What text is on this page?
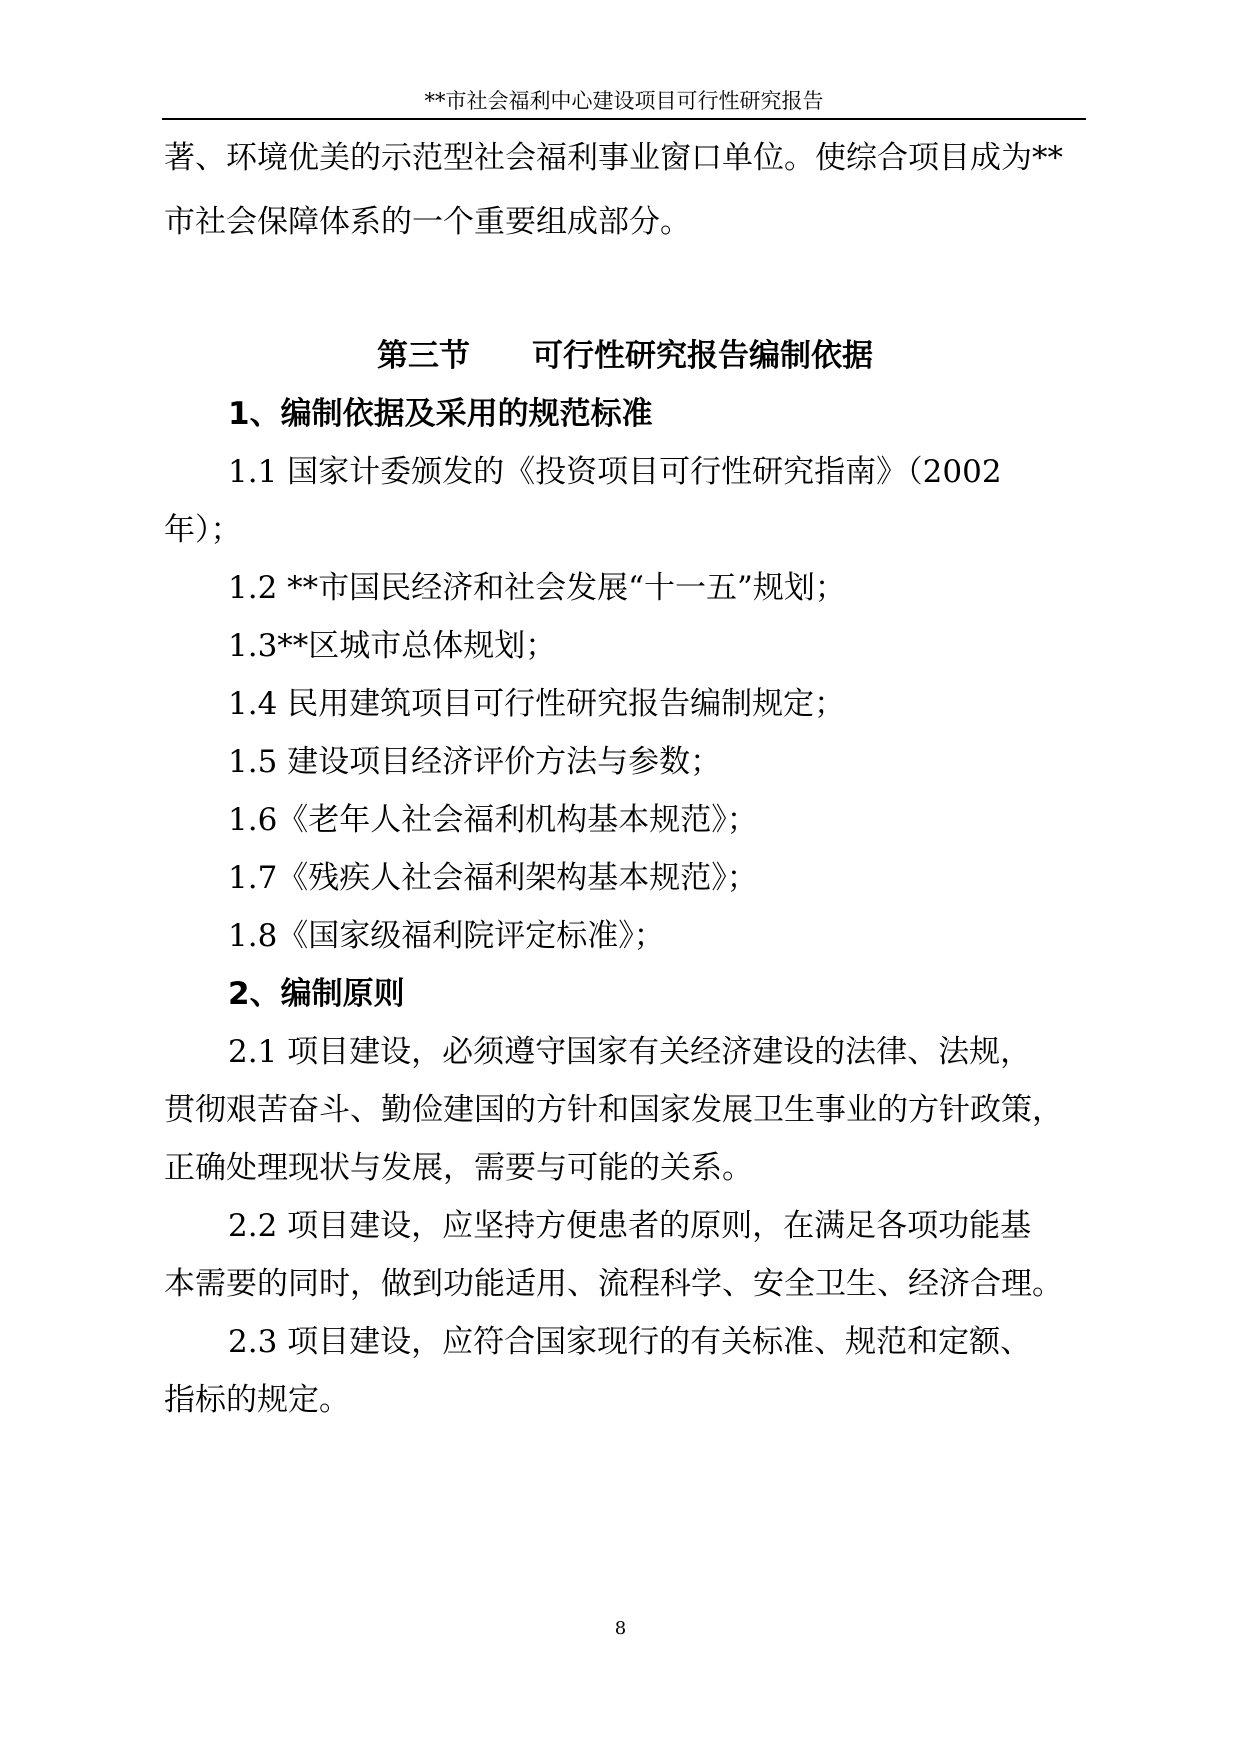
**市社会福利中心建设项目可行性研究报告

著、环境优美的示范型社会福利事业窗口单位。使综合项目成为**

市社会保障体系的一个重要组成部分。

第三节　　可行性研究报告编制依据
1、编制依据及采用的规范标准

1.1 国家计委颁发的《投资项目可行性研究指南》（2002

年）；

1.2 **市国民经济和社会发展“十一五”规划；

1.3**区城市总体规划；

1.4 民用建筑项目可行性研究报告编制规定；

1.5 建设项目经济评价方法与参数；

1.6《老年人社会福利机构基本规范》；

1.7《残疾人社会福利架构基本规范》；

1.8《国家级福利院评定标准》；

2、编制原则

2.1 项目建设，必须遵守国家有关经济建设的法律、法规，

贯彻艰苦奋斗、勤俭建国的方针和国家发展卫生事业的方针政策，

正确处理现状与发展，需要与可能的关系。

2.2 项目建设，应坚持方便患者的原则，在满足各项功能基

本需要的同时，做到功能适用、流程科学、安全卫生、经济合理。

2.3 项目建设，应符合国家现行的有关标准、规范和定额、

指标的规定。

8
